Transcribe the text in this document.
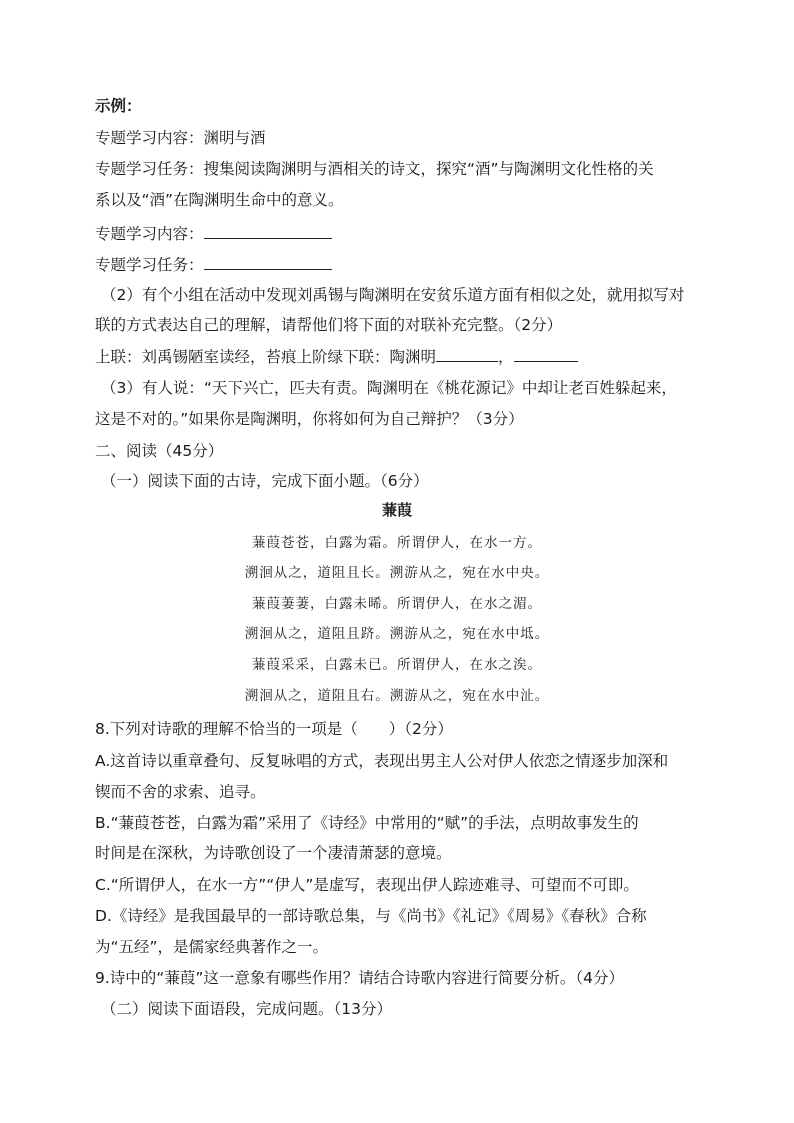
示例：
专题学习内容：渊明与酒
专题学习任务：搜集阅读陶渊明与酒相关的诗文，探究“酒”与陶渊明文化性格的关
系以及“酒”在陶渊明生命中的意义。
专题学习内容：
专题学习任务：
（2）有个小组在活动中发现刘禹锡与陶渊明在安贫乐道方面有相似之处，就用拟写对
联的方式表达自己的理解，请帮他们将下面的对联补充完整。（2分）
上联：刘禹锡陋室读经，苔痕上阶绿下联：陶渊明	，
（3）有人说：“天下兴亡，匹夫有责。陶渊明在《桃花源记》中却让老百姓躲起来，
这是不对的。”如果你是陶渊明，你将如何为自己辩护？（3分）
二、阅读（45分）
（一）阅读下面的古诗，完成下面小题。（6分）
蒹葭
蒹葭苍苍，白露为霜。所谓伊人，在水一方。
溯洄从之，道阻且长。溯游从之，宛在水中央。
蒹葭萋萋，白露未晞。所谓伊人，在水之湄。
溯洄从之，道阻且跻。溯游从之，宛在水中坻。
蒹葭采采，白露未已。所谓伊人，在水之涘。
溯洄从之，道阻且右。溯游从之，宛在水中沚。
8.下列对诗歌的理解不恰当的一项是（　　）（2分）
A.这首诗以重章叠句、反复咏唱的方式，表现出男主人公对伊人依恋之情逐步加深和
锲而不舍的求索、追寻。
B.“蒹葭苍苍，白露为霜”采用了《诗经》中常用的“赋”的手法，点明故事发生的
时间是在深秋，为诗歌创设了一个凄清萧瑟的意境。
C.“所谓伊人，在水一方”“伊人”是虚写，表现出伊人踪迹难寻、可望而不可即。
D.《诗经》是我国最早的一部诗歌总集，与《尚书》《礼记》《周易》《春秋》合称
为“五经”，是儒家经典著作之一。
9.诗中的“蒹葭”这一意象有哪些作用？请结合诗歌内容进行简要分析。（4分）
（二）阅读下面语段，完成问题。（13分）
